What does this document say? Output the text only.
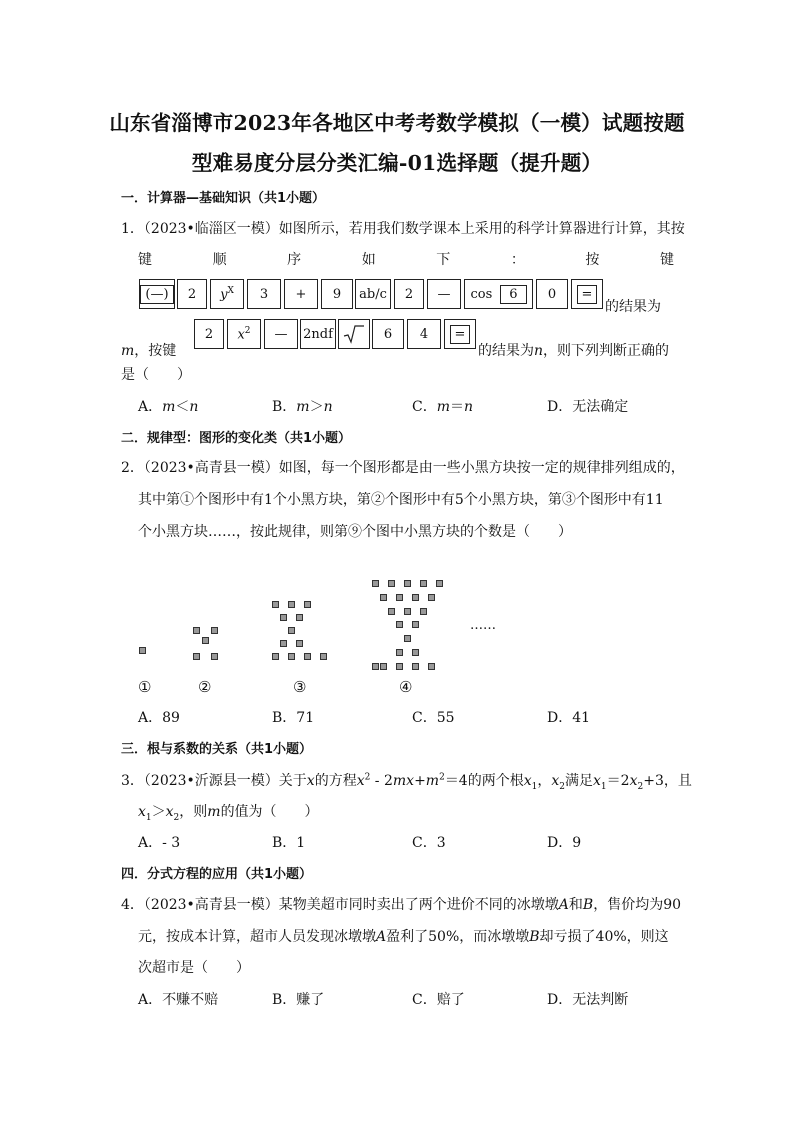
山东省淄博市2023年各地区中考考数学模拟（一模）试题按题
型难易度分层分类汇编-01选择题（提升题）
一．计算器—基础知识（共1小题）
1．（2023•临淄区一模）如图所示，若用我们数学课本上采用的科学计算器进行计算，其按
键	顺	序	如	下	：	按	键
(—)	2 $y^X$ 3 + 9 ab/c 2 — cos	6	0	=
的结果为
m，按键
2 $x^2$ — 2ndf	6 4	=
的结果为n，则下列判断正确的
是（　　）
A．m＜n	B．m＞n	C．m＝n	D．无法确定
二．规律型：图形的变化类（共1小题）
2．（2023•高青县一模）如图，每一个图形都是由一些小黑方块按一定的规律排列组成的，
其中第①个图形中有1个小黑方块，第②个图形中有5个小黑方块，第③个图形中有11
个小黑方块……，按此规律，则第⑨个图中小黑方块的个数是（　　）
①	②	③	④
……
A．89	B．71	C．55	D．41
三．根与系数的关系（共1小题）
3．（2023•沂源县一模）关于x的方程$x^2 - 2mx+m^2=4$的两个根$x_1$，$x_2$满足$x_1=2x_2+3$，且
$x_1>x_2$，则m的值为（　　）
A．- 3	B．1	C．3	D．9
四．分式方程的应用（共1小题）
4．（2023•高青县一模）某物美超市同时卖出了两个进价不同的冰墩墩A和B，售价均为90
元，按成本计算，超市人员发现冰墩墩A盈利了50%，而冰墩墩B却亏损了40%，则这
次超市是（　　）
A．不赚不赔	B．赚了	C．赔了	D．无法判断
